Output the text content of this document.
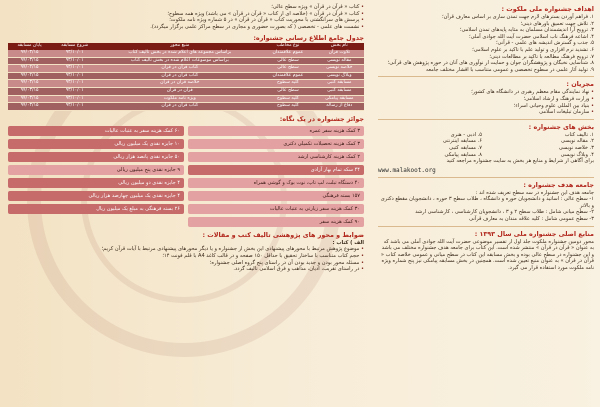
اهداف جشنواره ملی ملکوت :

۱. فراهم آوردن بسترهای لازم جهت تمدن سازی بر اساس معارف قرآن؛

۲. تلاش جهت تعمیق باورهای دینی؛

۳. ترویج آرا اندیشمندان مسلمان به مثابه پایه‌های تمدن اسلامی؛

۴. اشاعه فرهنگ ناب اسلامی حضرت آیت الله جوادی آملی؛

۵. جذب و گسترش اندیشه های علمی - قرآنی؛

۶. تشدید نرم افزاری و تولید علم با تاکید بر علوم اسلامی؛

۷. ترویج فرهنگ مطالعه با تاکید بر مطالعات دینی؛

۸. شناسایی نخبگان و پژوهشگران جوان و حمایت از نوآوری های آنان در حوزه پژوهش های قرآنی؛

۹. تولید آثار علمی در سطوح تخصصی و عمومی متناسب با اقشار مختلف جامعه

مجریان :
• نهاد نمایندگی مقام معظم رهبری در دانشگاه های کشور؛
• وزارت فرهنگ و ارشاد اسلامی؛
• بنیاد بین المللی علوم وحیانی اسراء؛
• سازمان تبلیغات اسلامی
بخش های جشنواره :

۱. تالیف کتاب

۲. مقاله نویسی

۳. خلاصه نویسی

۴. وبلاگ نویسی

۵. ادبی - هنری

۶. مسابقه اینترنتی

۷. مسابقه کتبی

۸. مسابقه پیامکی

برای آگاهی از شرایط و منابع هر بخش به سایت جشنواره مراجعه کنید

www.malakoot.org
جامعه هدف جشنواره :

جامعه هدف این جشنواره در سه سطح تعریف شده اند :

۱- سطح عالی : اساتید و دانشجویان حوزه و دانشگاه ، طلاب سطح ۳ حوزه ، دانشجویان مقطع دکتری و بالاتر

۲- سطح میانی شامل : طلاب سطح ۲ و ۳ ، دانشجویان کارشناسی ، کارشناسی ارشد

۳- سطح عمومی شامل : کلیه علاقه مندان به معارف قرآنی

منابع اصلی جشنواره ملی سال ۱۳۹۳ :

محور دومین جشنواره ملکوت جلد اول از تفسیر موضوعی حضرت آیت الله جوادی آملی می باشد که به عنوان « قرآن در قرآن » منتشر شده است. این کتاب برای جامعه هدف جشنواره مختلف می باشد و این جشنواره در سطح عالی بوده و بخش مسابقه این کتاب در سطح میانی و عمومی خلاصه کتاب « قرآن در قرآن » به عنوان منبع تعیین شده است. همچنین در بخش مسابقه پیامکی نیز پنج شماره ویژه نامه ملکوت مورد استفاده قرار می گیرد.

• کتاب « قرآن در قرآن » ویژه سطح عالی؛
• کتاب « قرآن در قرآن » (خلاصه ای از کتاب « قرآن در قرآن » می باشد) ویژه همه سطوح؛
• پرسش های سرانگشتی با محوریت کتاب « قرآن در قرآن » در ۵ شماره ویژه نامه ملکوت؛
• نشست های علمی - تخصصی ( که بصورت حضوری و مجازی در سطح مراکز علمی برگزار میگردد).
جدول جامع اطلاع رسانی جشنواره:
نام بخش	نوع مخاطب	منبع محور	شروع مسابقه	پایان مسابقه
تلاوت قرآن	عموم علاقمندان	براساس مجموعه های اعلام شده در بخش تالیف کتاب	۹۳/۱۰/۰۱	۹۴/۰۳/۱۵
مقاله نویسی	سطح عالی	براساس موضوعات اعلام شده در بخش تالیف کتاب	۹۳/۱۰/۰۱	۹۴/۰۳/۱۵
خلاصه نویسی	سطح عالی	کتاب قرآن در قرآن	۹۳/۱۰/۰۱	۹۴/۰۲/۱۵
وبلاگ نویسی	عموم علاقمندان	کتاب قرآن در قرآن	۹۳/۱۰/۰۱	۹۴/۰۲/۱۵
مسابقه کتبی	کلیه سطوح	خلاصه قرآن در قرآن	۹۳/۱۰/۰۱	۹۴/۰۳/۱۵
مسابقه کتبی	سطح عالی	قرآن در قرآن	۹۳/۱۰/۰۱	۹۴/۰۳/۱۵
مسابقه پیامکی	کلیه سطوح	ویژه نامه ملکوت	۹۳/۱۰/۰۱	۹۴/۰۳/۱۵
دفاع از رساله	کلیه سطوح	کتاب قرآن در قرآن	۹۳/۱۰/۰۱	۹۴/۰۳/۱۵
جوائز جشنواره در یک نگاه:
۳ کمک هزینه سفر عمره
۳ کمک هزینه تحصیلات تکمیلی دکتری
۲ کمک هزینه کارشناسی ارشد
۴۴ سکه تمام بهار آزادی
۴۰ دستگاه تبلت، لپ تاپ، نوت بوک و گوشی همراه
۱۵۷ بسته فرهنگی
۳۰ کمک هزینه سفر زیارتی به عتبات عالیات
۹۰ کمک هزینه سفر
۶۰ کمک هزینه سفر به عتبات عالیات
۱۰ جایزه نقدی یک میلیون ریالی
۵۰ جایزه نقدی پانصد هزار ریالی
۹ جایزه نقدی پنج میلیون ریالی
۴ جایزه نقدی دو میلیون ریالی
۴ جایزه نقدی یک میلیون چهارصد هزار ریالی
۲۶ بسته فرهنگی به مبلغ یک میلیون ریال
ضوابط و محور های پژوهشی تالیف کتب و مقالات :

الف ) کتاب :

• موضوع پژوهش مرتبط با محورهای پیشنهادی این بخش از جشنواره و یا دیگر محورهای پیشنهادی مرتبط با آیات قرآن کریم؛
• حجم کتاب متناسب با ساختار تحقیق با حداقل ۱۵۰ صفحه و در قالب کاغذ A4 با قلم فونت ۱۴؛
• مسئله محور بودن و جدید بودن آن در راستای پنج گروه اصلی جشنواره؛
• در راستای تقریب، ادیان، مذاهب و فرق اسلامی تالیف گردد.
